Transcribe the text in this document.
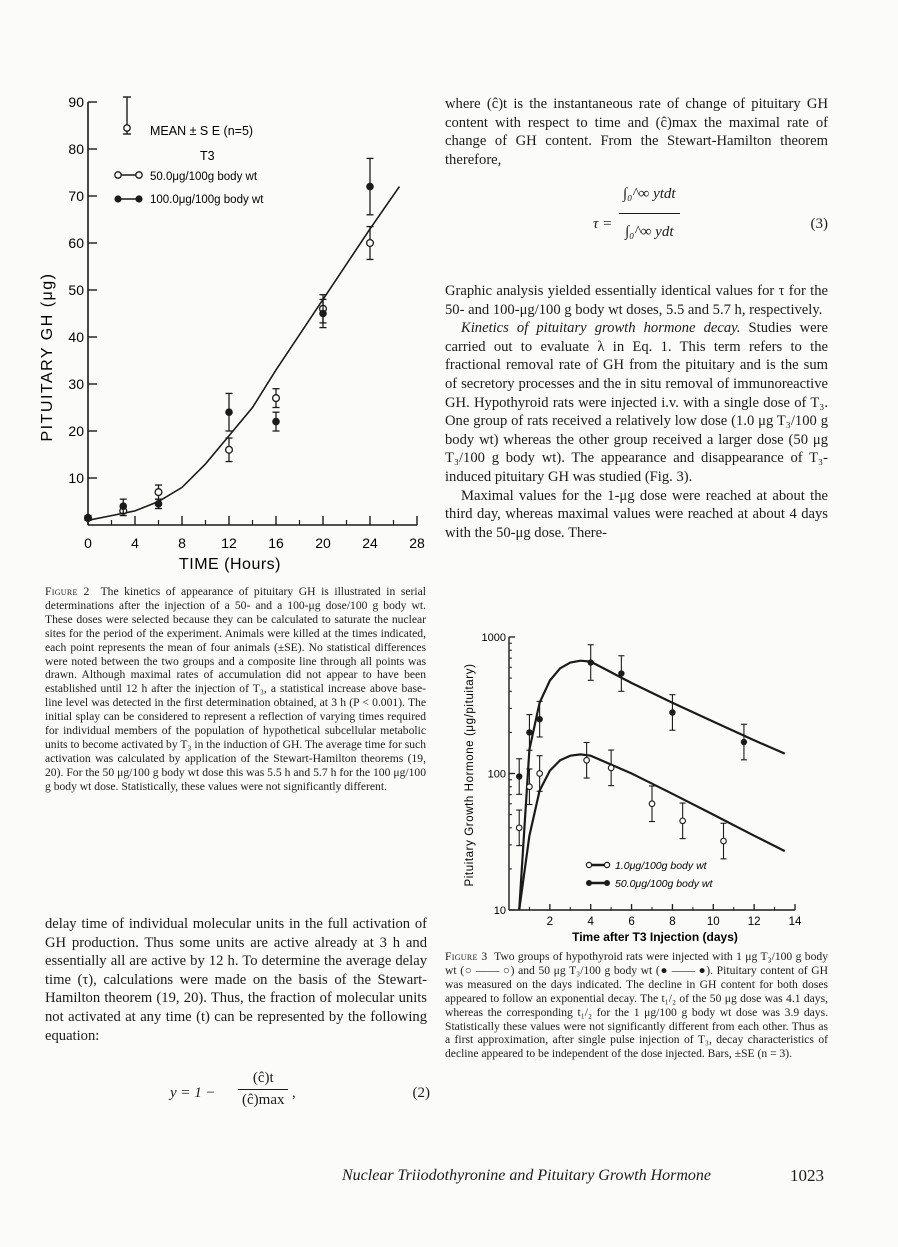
10
20
30
40
50
60
70
80
90
0	4	8	12 16 20 24 28
PITUITARY GH (μg)
TIME (Hours)
MEAN ± S E (n=5)
T3
50.0μg/100g body wt
100.0μg/100g body wt

Figure 2 The kinetics of appearance of pituitary GH is illustrated in serial determinations after the injection of a 50- and a 100-μg dose/100 g body wt. These doses were selected because they can be calculated to saturate the nuclear sites for the period of the experiment. Animals were killed at the times indicated, each point represents the mean of four animals (±SE). No statistical differences were noted between the two groups and a composite line through all points was drawn. Although maximal rates of accumulation did not appear to have been established until 12 h after the injection of T₃, a statistical increase above base-line level was detected in the first determination obtained, at 3 h (P < 0.001). The initial splay can be considered to represent a reflection of varying times required for individual members of the population of hypothetical subcellular metabolic units to become activated by T₃ in the induction of GH. The average time for such activation was calculated by application of the Stewart-Hamilton theorems (19, 20). For the 50 μg/100 g body wt dose this was 5.5 h and 5.7 h for the 100 μg/100 g body wt dose. Statistically, these values were not significantly different.

delay time of individual molecular units in the full activation of GH production. Thus some units are active already at 3 h and essentially all are active by 12 h. To determine the average delay time (τ), calculations were made on the basis of the Stewart-Hamilton theorem (19, 20). Thus, the fraction of molecular units not activated at any time (t) can be represented by the following equation:

y = 1 −
(ĉ)t
(ĉ)max ,	(2)

where (ĉ)t is the instantaneous rate of change of pituitary GH content with respect to time and (ĉ)max the maximal rate of change of GH content. From the Stewart-Hamilton theorem therefore,

τ =
∫₀^∞ ytdt
∫₀^∞ ydt	(3)

Graphic analysis yielded essentially identical values for τ for the 50- and 100-μg/100 g body wt doses, 5.5 and 5.7 h, respectively.

Kinetics of pituitary growth hormone decay. Studies were carried out to evaluate λ in Eq. 1. This term refers to the fractional removal rate of GH from the pituitary and is the sum of secretory processes and the in situ removal of immunoreactive GH. Hypothyroid rats were injected i.v. with a single dose of T₃. One group of rats received a relatively low dose (1.0 μg T₃/100 g body wt) whereas the other group received a larger dose (50 μg T₃/100 g body wt). The appearance and disappearance of T₃-induced pituitary GH was studied (Fig. 3).

Maximal values for the 1-μg dose were reached at about the third day, whereas maximal values were reached at about 4 days with the 50-μg dose. There-

10
100
1000
2	4	6	8	10 12 14
Pituitary Growth Hormone (μg/pituitary)
Time after T3 Injection (days)
1.0μg/100g body wt
50.0μg/100g body wt

Figure 3 Two groups of hypothyroid rats were injected with 1 μg T₃/100 g body wt (○ —— ○) and 50 μg T₃/100 g body wt (● —— ●). Pituitary content of GH was measured on the days indicated. The decline in GH content for both doses appeared to follow an exponential decay. The t₁/₂ of the 50 μg dose was 4.1 days, whereas the corresponding t₁/₂ for the 1 μg/100 g body wt dose was 3.9 days. Statistically these values were not significantly different from each other. Thus as a first approximation, after single pulse injection of T₃, decay characteristics of decline appeared to be independent of the dose injected. Bars, ±SE (n = 3).

Nuclear Triiodothyronine and Pituitary Growth Hormone	1023
